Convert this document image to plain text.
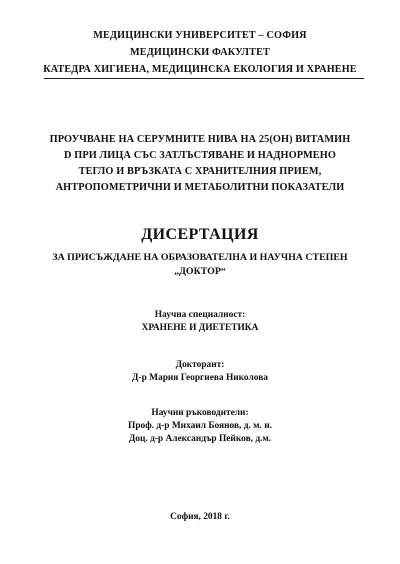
МЕДИЦИНСКИ УНИВЕРСИТЕТ – СОФИЯ
МЕДИЦИНСКИ ФАКУЛТЕТ
КАТЕДРА ХИГИЕНА, МЕДИЦИНСКА ЕКОЛОГИЯ И ХРАНЕНЕ
ПРОУЧВАНЕ НА СЕРУМНИТЕ НИВА НА 25(OH) ВИТАМИН
D ПРИ ЛИЦА СЪС ЗАТЛЪСТЯВАНЕ И НАДНОРМЕНО
ТЕГЛО И ВРЪЗКАТА С ХРАНИТЕЛНИЯ ПРИЕМ,
АНТРОПОМЕТРИЧНИ И МЕТАБОЛИТНИ ПОКАЗАТЕЛИ
ДИСЕРТАЦИЯ
ЗА ПРИСЪЖДАНЕ НА ОБРАЗОВАТЕЛНА И НАУЧНА СТЕПЕН
„ДОКТОР“
Научна специалност:
ХРАНЕНЕ И ДИЕТЕТИКА
Докторант:
Д-р Мария Георгиева Николова
Научни ръководители:
Проф. д-р Михаил Боянов, д. м. н.
Доц. д-р Александър Пейков, д.м.
София, 2018 г.
